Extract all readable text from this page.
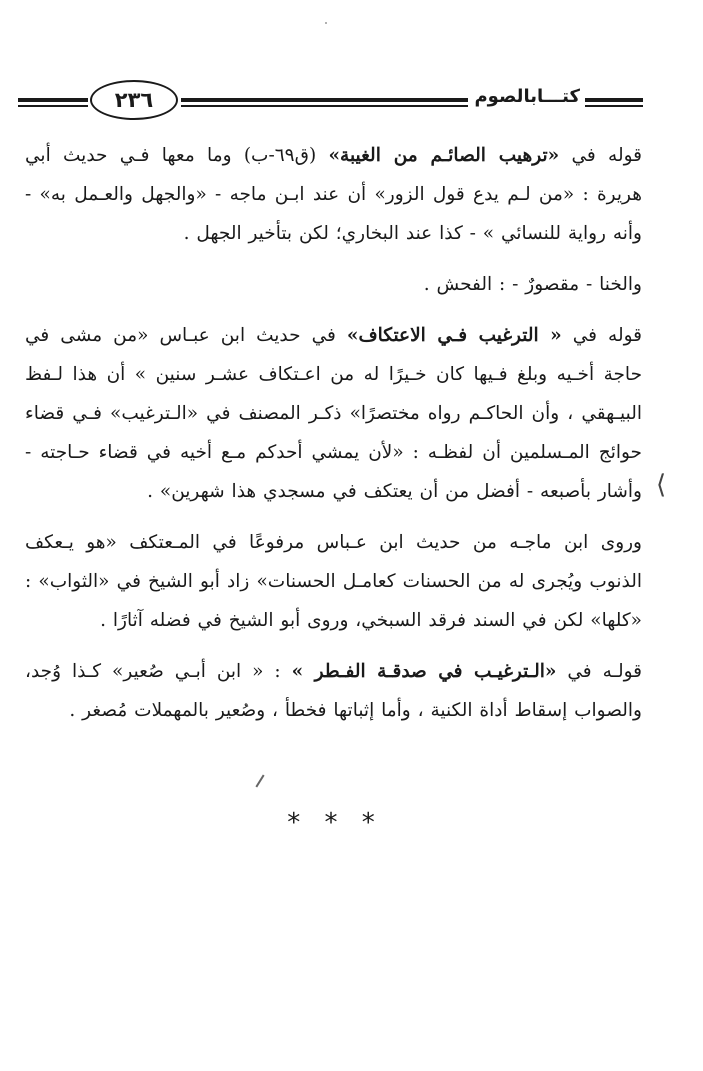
٢٣٦	كتـــابالصوم

قوله في «ترهيب الصائـم من الغيبة» (ق٦٩-ب) وما معها فـي حديث أبي
هريرة : «من لـم يدع قول الزور» أن عند ابـن ماجه - «والجهل والعـمل به» -
وأنه رواية للنسائي » - كذا عند البخاري؛ لكن بتأخير الجهل .

والخنا - مقصورٌ - : الفحش .

قوله في « الترغيب فـي الاعتكاف» في حديث ابن عبـاس «من مشى في
حاجة أخـيه وبلغ فـيها كان خـيرًا له من اعـتكاف عشـر سنين » أن هذا لـفظ
البيـهقي ، وأن الحاكـم رواه مختصرًا» ذكـر المصنف في «الـترغيب» فـي قضاء
حوائج المـسلمين أن لفظـه : «لأن يمشي أحدكم مـع أخيه في قضاء حـاجته -
وأشار بأصبعه - أفضل من أن يعتكف في مسجدي هذا شهرين» .

وروى ابن ماجـه من حديث ابن عـباس مرفوعًا في المـعتكف «هو يـعكف
الذنوب ويُجرى له من الحسنات كعامـل الحسنات» زاد أبو الشيخ في «الثواب» :
«كلها» لكن في السند فرقد السبخي، وروى أبو الشيخ في فضله آثارًا .

قولـه في «الـترغيـب في صدقـة الفـطر » : « ابن أبـي صُعير» كـذا وُجد،
والصواب إسقاط أداة الكنية ، وأما إثباتها فخطأ ، وصُعير بالمهملات مُصغر .

⟩
* * *
